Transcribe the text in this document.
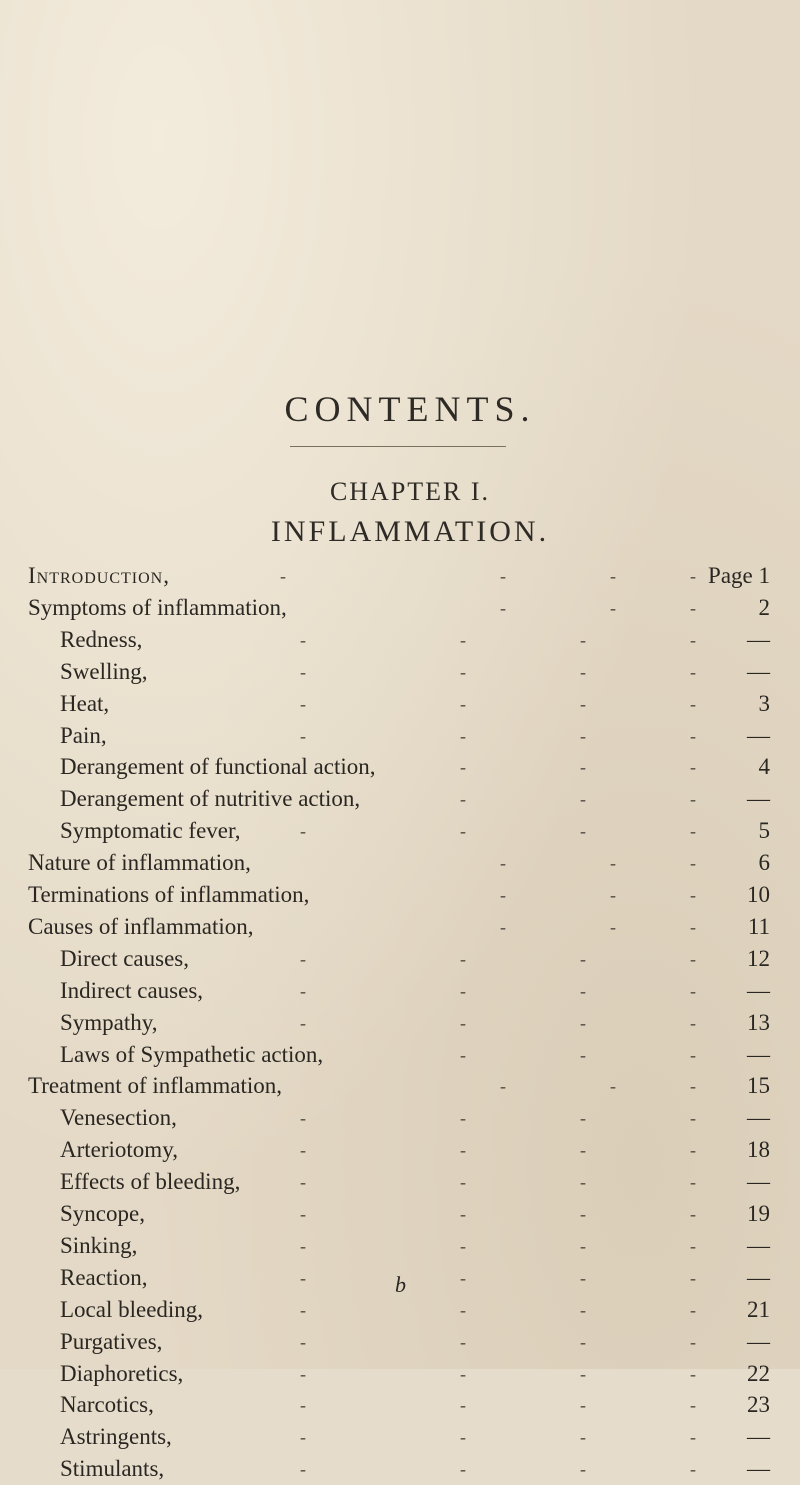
CONTENTS.
CHAPTER I.
INFLAMMATION.
Introduction,	-	-	-	- Page 1
Symptoms of inflammation,	-	-	-	2
Redness,	-	-	-	-	—
Swelling,	-	-	-	-	—
Heat,	-	-	-	-	3
Pain,	-	-	-	-	—
Derangement of functional action,	-	-	-	4
Derangement of nutritive action,	-	-	-	—
Symptomatic fever,	-	-	-	-	5
Nature of inflammation,	-	-	-	6
Terminations of inflammation,	-	-	-	10
Causes of inflammation,	-	-	-	11
Direct causes,	-	-	-	-	12
Indirect causes,	-	-	-	-	—
Sympathy,	-	-	-	-	13
Laws of Sympathetic action,	-	-	-	—
Treatment of inflammation,	-	-	-	15
Venesection,	-	-	-	-	—
Arteriotomy,	-	-	-	-	18
Effects of bleeding,	-	-	-	-	—
Syncope,	-	-	-	-	19
Sinking,	-	-	-	-	—
Reaction,	-	-	-	-	—
Local bleeding,	-	-	-	-	21
Purgatives,	-	-	-	-	—
Diaphoretics,	-	-	-	-	22
Narcotics,	-	-	-	-	23
Astringents,	-	-	-	-	—
Stimulants,	-	-	-	-	—
b
